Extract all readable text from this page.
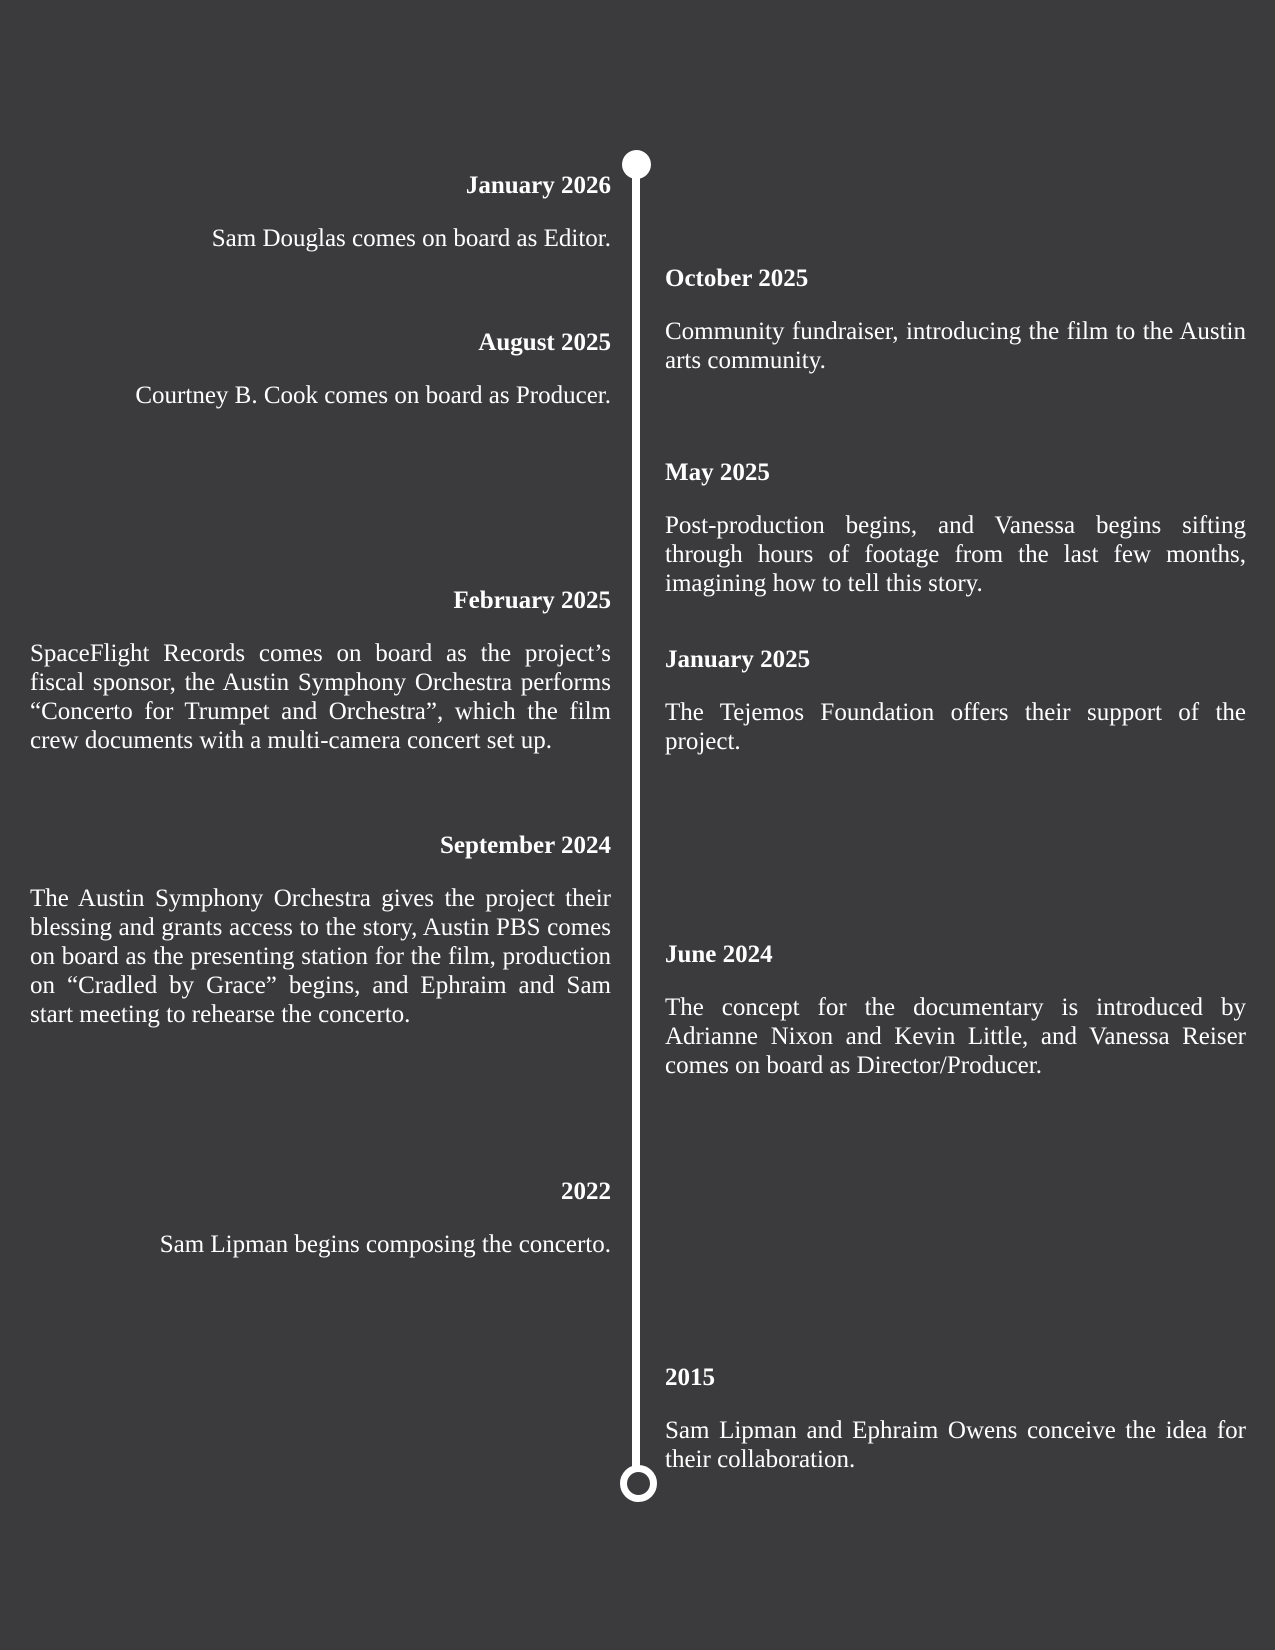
January 2026

Sam Douglas comes on board as Editor.

August 2025

Courtney B. Cook comes on board as Producer.

February 2025

SpaceFlight Records comes on board as the project’s fiscal sponsor, the Austin Symphony Orchestra performs “Concerto for Trumpet and Orchestra”, which the film crew documents with a multi-camera concert set up.

September 2024

The Austin Symphony Orchestra gives the project their blessing and grants access to the story, Austin PBS comes on board as the presenting station for the film, production on “Cradled by Grace” begins, and Ephraim and Sam start meeting to rehearse the concerto.

2022

Sam Lipman begins composing the concerto.

October 2025

Community fundraiser, introducing the film to the Austin arts community.

May 2025

Post-production begins, and Vanessa begins sifting through hours of footage from the last few months, imagining how to tell this story.

January 2025

The Tejemos Foundation offers their support of the project.

June 2024

The concept for the documentary is introduced by Adrianne Nixon and Kevin Little, and Vanessa Reiser comes on board as Director/Producer.

2015

Sam Lipman and Ephraim Owens conceive the idea for their collaboration.
